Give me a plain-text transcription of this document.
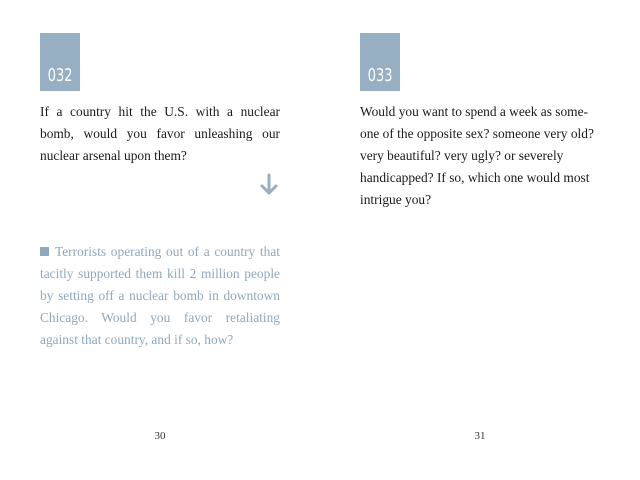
032

If a country hit the U.S. with a nuclear bomb, would you favor unleashing our nuclear arsenal upon them?

Terrorists operating out of a country that tacitly supported them kill 2 million people by setting off a nuclear bomb in downtown Chicago. Would you favor retaliating against that country, and if so, how?

30
033

Would you want to spend a week as some-one of the opposite sex? someone very old? very beautiful? very ugly? or severely handicapped? If so, which one would most intrigue you?

31
